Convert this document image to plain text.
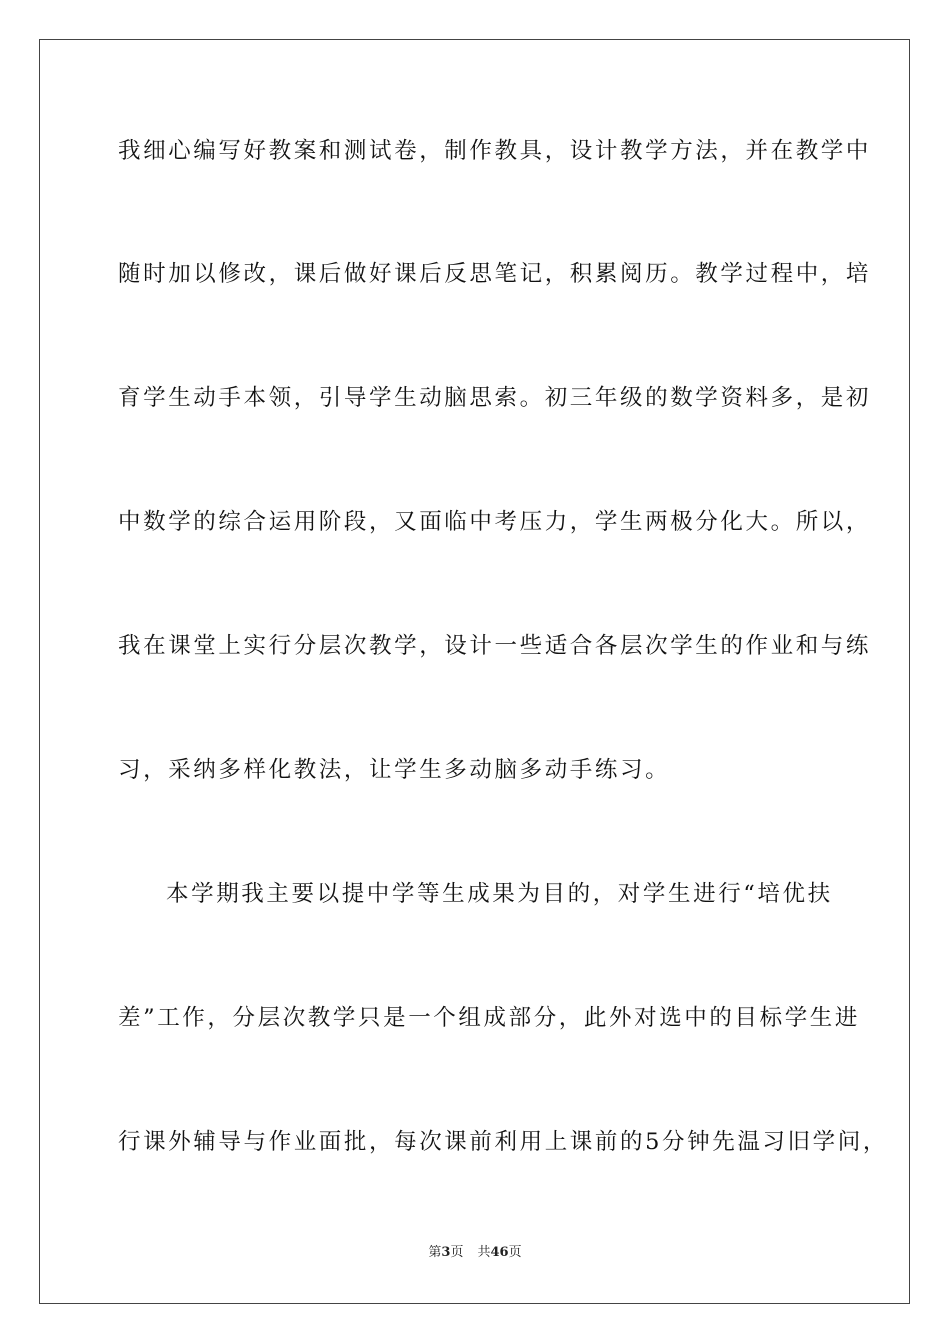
我细心编写好教案和测试卷，制作教具，设计教学方法，并在教学中
随时加以修改，课后做好课后反思笔记，积累阅历。教学过程中，培
育学生动手本领，引导学生动脑思索。初三年级的数学资料多，是初
中数学的综合运用阶段，又面临中考压力，学生两极分化大。所以，
我在课堂上实行分层次教学，设计一些适合各层次学生的作业和与练
习，采纳多样化教法，让学生多动脑多动手练习。
本学期我主要以提中学等生成果为目的，对学生进行“培优扶
差”工作，分层次教学只是一个组成部分，此外对选中的目标学生进
行课外辅导与作业面批，每次课前利用上课前的5分钟先温习旧学问，
第3页 共46页
